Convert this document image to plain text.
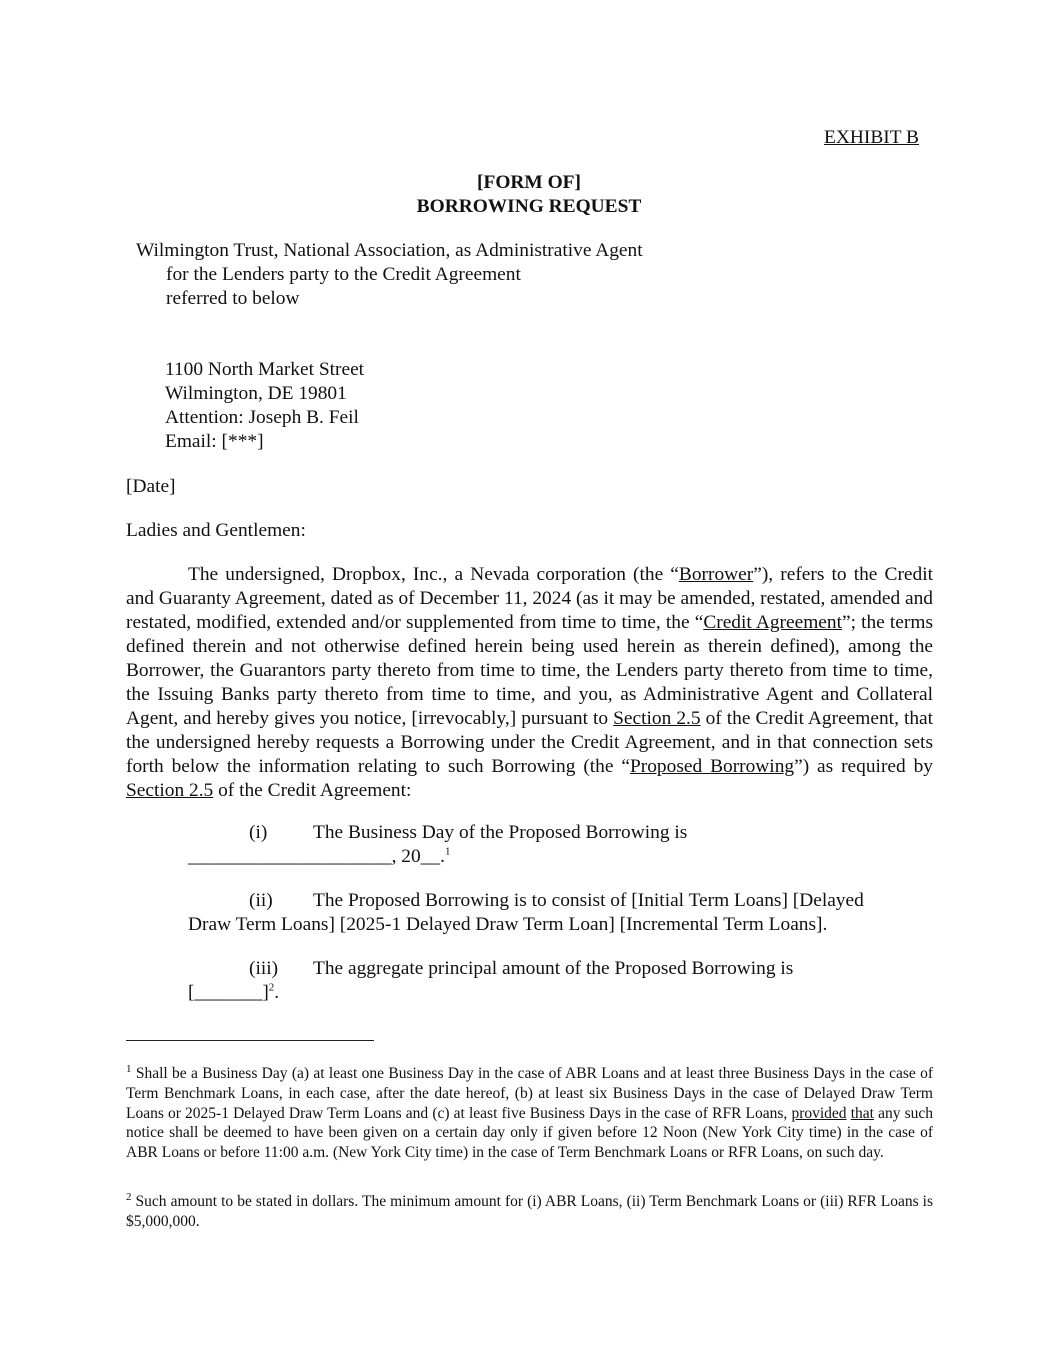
EXHIBIT B
[FORM OF]
BORROWING REQUEST
Wilmington Trust, National Association, as Administrative Agent
for the Lenders party to the Credit Agreement
referred to below
1100 North Market Street
Wilmington, DE 19801
Attention: Joseph B. Feil
Email: [***]
[Date]
Ladies and Gentlemen:
The undersigned, Dropbox, Inc., a Nevada corporation (the “Borrower”), refers to the Credit and Guaranty Agreement, dated as of December 11, 2024 (as it may be amended, restated, amended and restated, modified, extended and/or supplemented from time to time, the “Credit Agreement”; the terms defined therein and not otherwise defined herein being used herein as therein defined), among the Borrower, the Guarantors party thereto from time to time, the Lenders party thereto from time to time, the Issuing Banks party thereto from time to time, and you, as Administrative Agent and Collateral Agent, and hereby gives you notice, [irrevocably,] pursuant to Section 2.5 of the Credit Agreement, that the undersigned hereby requests a Borrowing under the Credit Agreement, and in that connection sets forth below the information relating to such Borrowing (the “Proposed Borrowing”) as required by Section 2.5 of the Credit Agreement:
(i) The Business Day of the Proposed Borrowing is
_____________________, 20__.$^1$
(ii) The Proposed Borrowing is to consist of [Initial Term Loans] [Delayed
Draw Term Loans] [2025-1 Delayed Draw Term Loan] [Incremental Term Loans].
(iii) The aggregate principal amount of the Proposed Borrowing is
[_______]$^2$.
$^1$ Shall be a Business Day (a) at least one Business Day in the case of ABR Loans and at least three Business Days in the case of Term Benchmark Loans, in each case, after the date hereof, (b) at least six Business Days in the case of Delayed Draw Term Loans or 2025-1 Delayed Draw Term Loans and (c) at least five Business Days in the case of RFR Loans, provided that any such notice shall be deemed to have been given on a certain day only if given before 12 Noon (New York City time) in the case of ABR Loans or before 11:00 a.m. (New York City time) in the case of Term Benchmark Loans or RFR Loans, on such day.
$^2$ Such amount to be stated in dollars. The minimum amount for (i) ABR Loans, (ii) Term Benchmark Loans or (iii) RFR Loans is $5,000,000.
